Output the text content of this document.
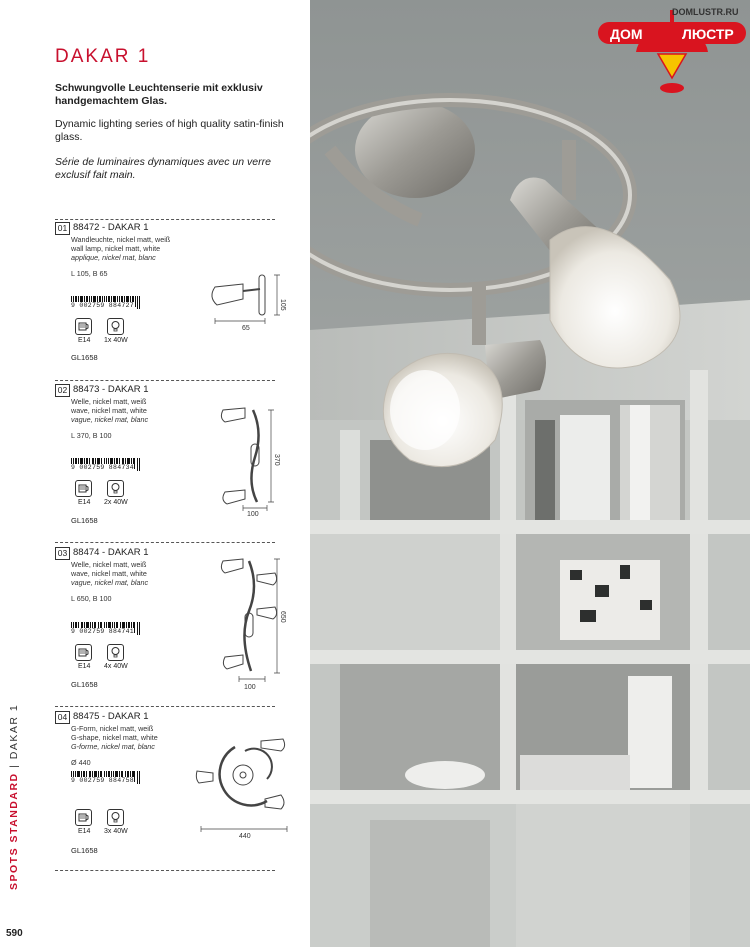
DAKAR 1
Schwungvolle Leuchtenserie mit exklusiv handgemachtem Glas.
Dynamic lighting series of high quality satin-finish glass.
Série de luminaires dynamiques avec un verre exclusif fait main.
01 88472 - DAKAR 1
Wandleuchte, nickel matt, weiß
wall lamp, nickel matt, white
applique, nickel mat, blanc
L 105, B 65
9 002759 884727
E14 1x 40W
GL1658
105
65
02 88473 - DAKAR 1
Welle, nickel matt, weiß
wave, nickel matt, white
vague, nickel mat, blanc
L 370, B 100
9 002759 884734
E14 2x 40W
GL1658
370
100
03 88474 - DAKAR 1
Welle, nickel matt, weiß
wave, nickel matt, white
vague, nickel mat, blanc
L 650, B 100
9 002759 884741
E14 4x 40W
GL1658
650
100
04 88475 - DAKAR 1
G-Form, nickel matt, weiß
G-shape, nickel matt, white
G-forme, nickel mat, blanc
Ø 440
9 002759 884758
E14 3x 40W
GL1658
440
SPOTS STANDARD | DAKAR 1
590
DOMLUSTR.RU
ДОМ	ЛЮСТР
